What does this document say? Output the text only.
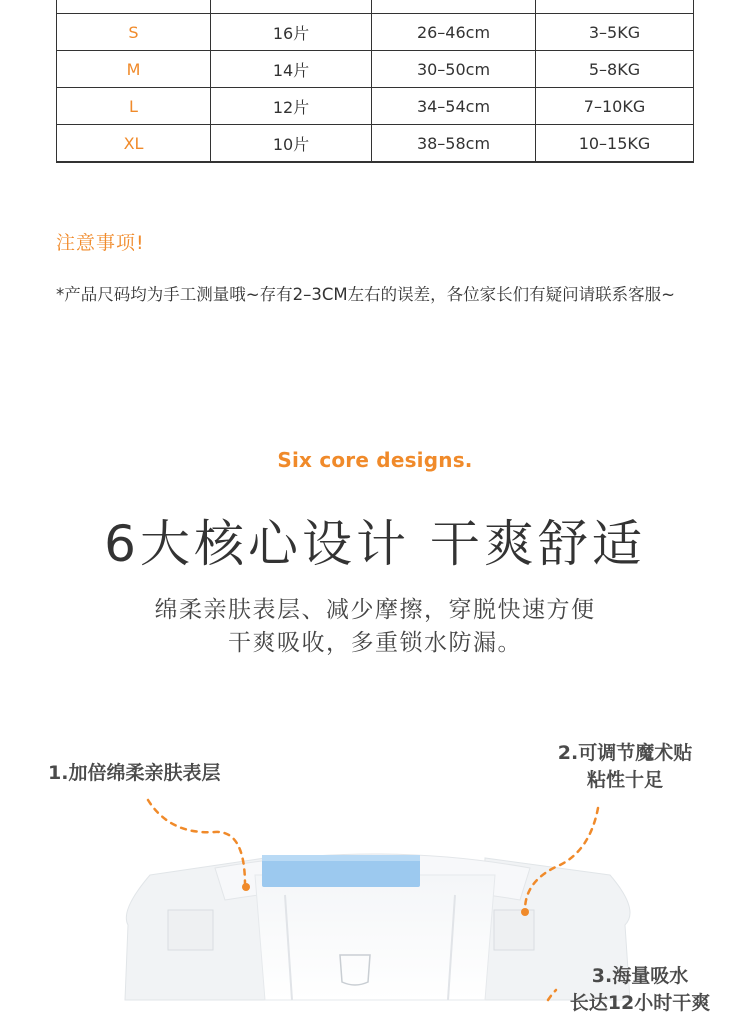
S	16片	26–46cm	3–5KG
M	14片	30–50cm	5–8KG
L	12片	34–54cm	7–10KG
XL	10片	38–58cm	10–15KG
注意事项!
*产品尺码均为手工测量哦~存有2–3CM左右的误差，各位家长们有疑问请联系客服~
Six core designs.
6大核心设计 干爽舒适
绵柔亲肤表层、减少摩擦，穿脱快速方便
干爽吸收，多重锁水防漏。
1.加倍绵柔亲肤表层
2.可调节魔术贴
粘性十足
3.海量吸水
长达12小时干爽
